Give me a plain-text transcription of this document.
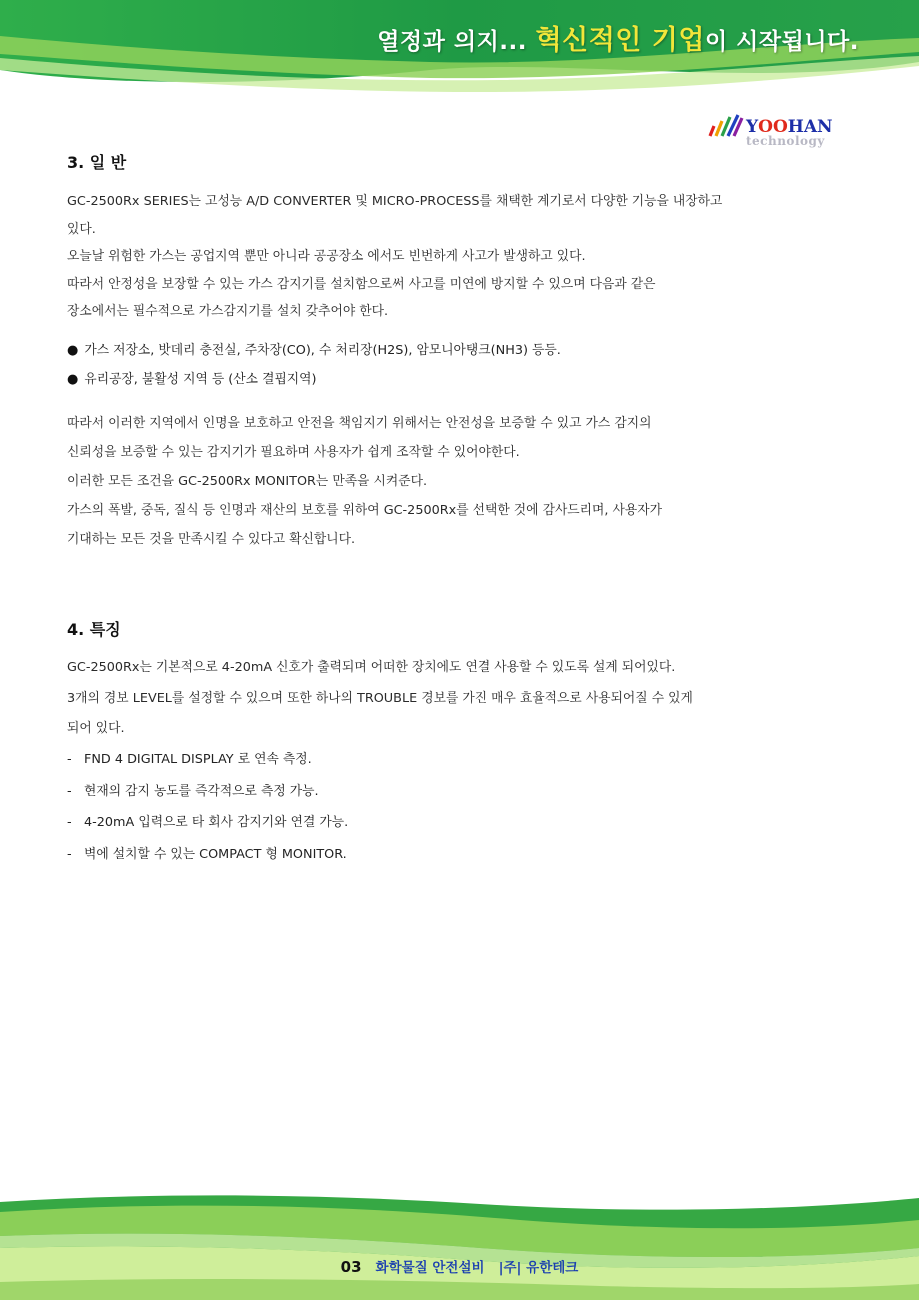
열정과 의지... 혁신적인 기업이 시작됩니다.
YOOHAN
technology
3. 일 반
GC-2500Rx SERIES는 고성능 A/D CONVERTER 및 MICRO-PROCESS를 채택한 계기로서 다양한 기능을 내장하고
있다.
오늘날 위험한 가스는 공업지역 뿐만 아니라 공공장소 에서도 빈번하게 사고가 발생하고 있다.
따라서 안정성을 보장할 수 있는 가스 감지기를 설치함으로써 사고를 미연에 방지할 수 있으며 다음과 같은
장소에서는 필수적으로 가스감지기를 설치 갖추어야 한다.
● 가스 저장소, 밧데리 충전실, 주차장(CO), 수 처리장(H2S), 암모니아탱크(NH3) 등등.
● 유리공장, 불활성 지역 등 (산소 결핍지역)
따라서 이러한 지역에서 인명을 보호하고 안전을 책임지기 위해서는 안전성을 보증할 수 있고 가스 감지의
신뢰성을 보증할 수 있는 감지기가 필요하며 사용자가 쉽게 조작할 수 있어야한다.
이러한 모든 조건을 GC-2500Rx MONITOR는 만족을 시켜준다.
가스의 폭발, 중독, 질식 등 인명과 재산의 보호를 위하여 GC-2500Rx를 선택한 것에 감사드리며, 사용자가
기대하는 모든 것을 만족시킬 수 있다고 확신합니다.
4. 특징
GC-2500Rx는 기본적으로 4-20mA 신호가 출력되며 어떠한 장치에도 연결 사용할 수 있도록 설계 되어있다.
3개의 경보 LEVEL를 설정할 수 있으며 또한 하나의 TROUBLE 경보를 가진 매우 효율적으로 사용되어질 수 있게
되어 있다.
- FND 4 DIGITAL DISPLAY 로 연속 측정.
- 현재의 감지 농도를 즉각적으로 측정 가능.
- 4-20mA 입력으로 타 회사 감지기와 연결 가능.
- 벽에 설치할 수 있는 COMPACT 형 MONITOR.
03 화학물질 안전설비 |주| 유한테크
